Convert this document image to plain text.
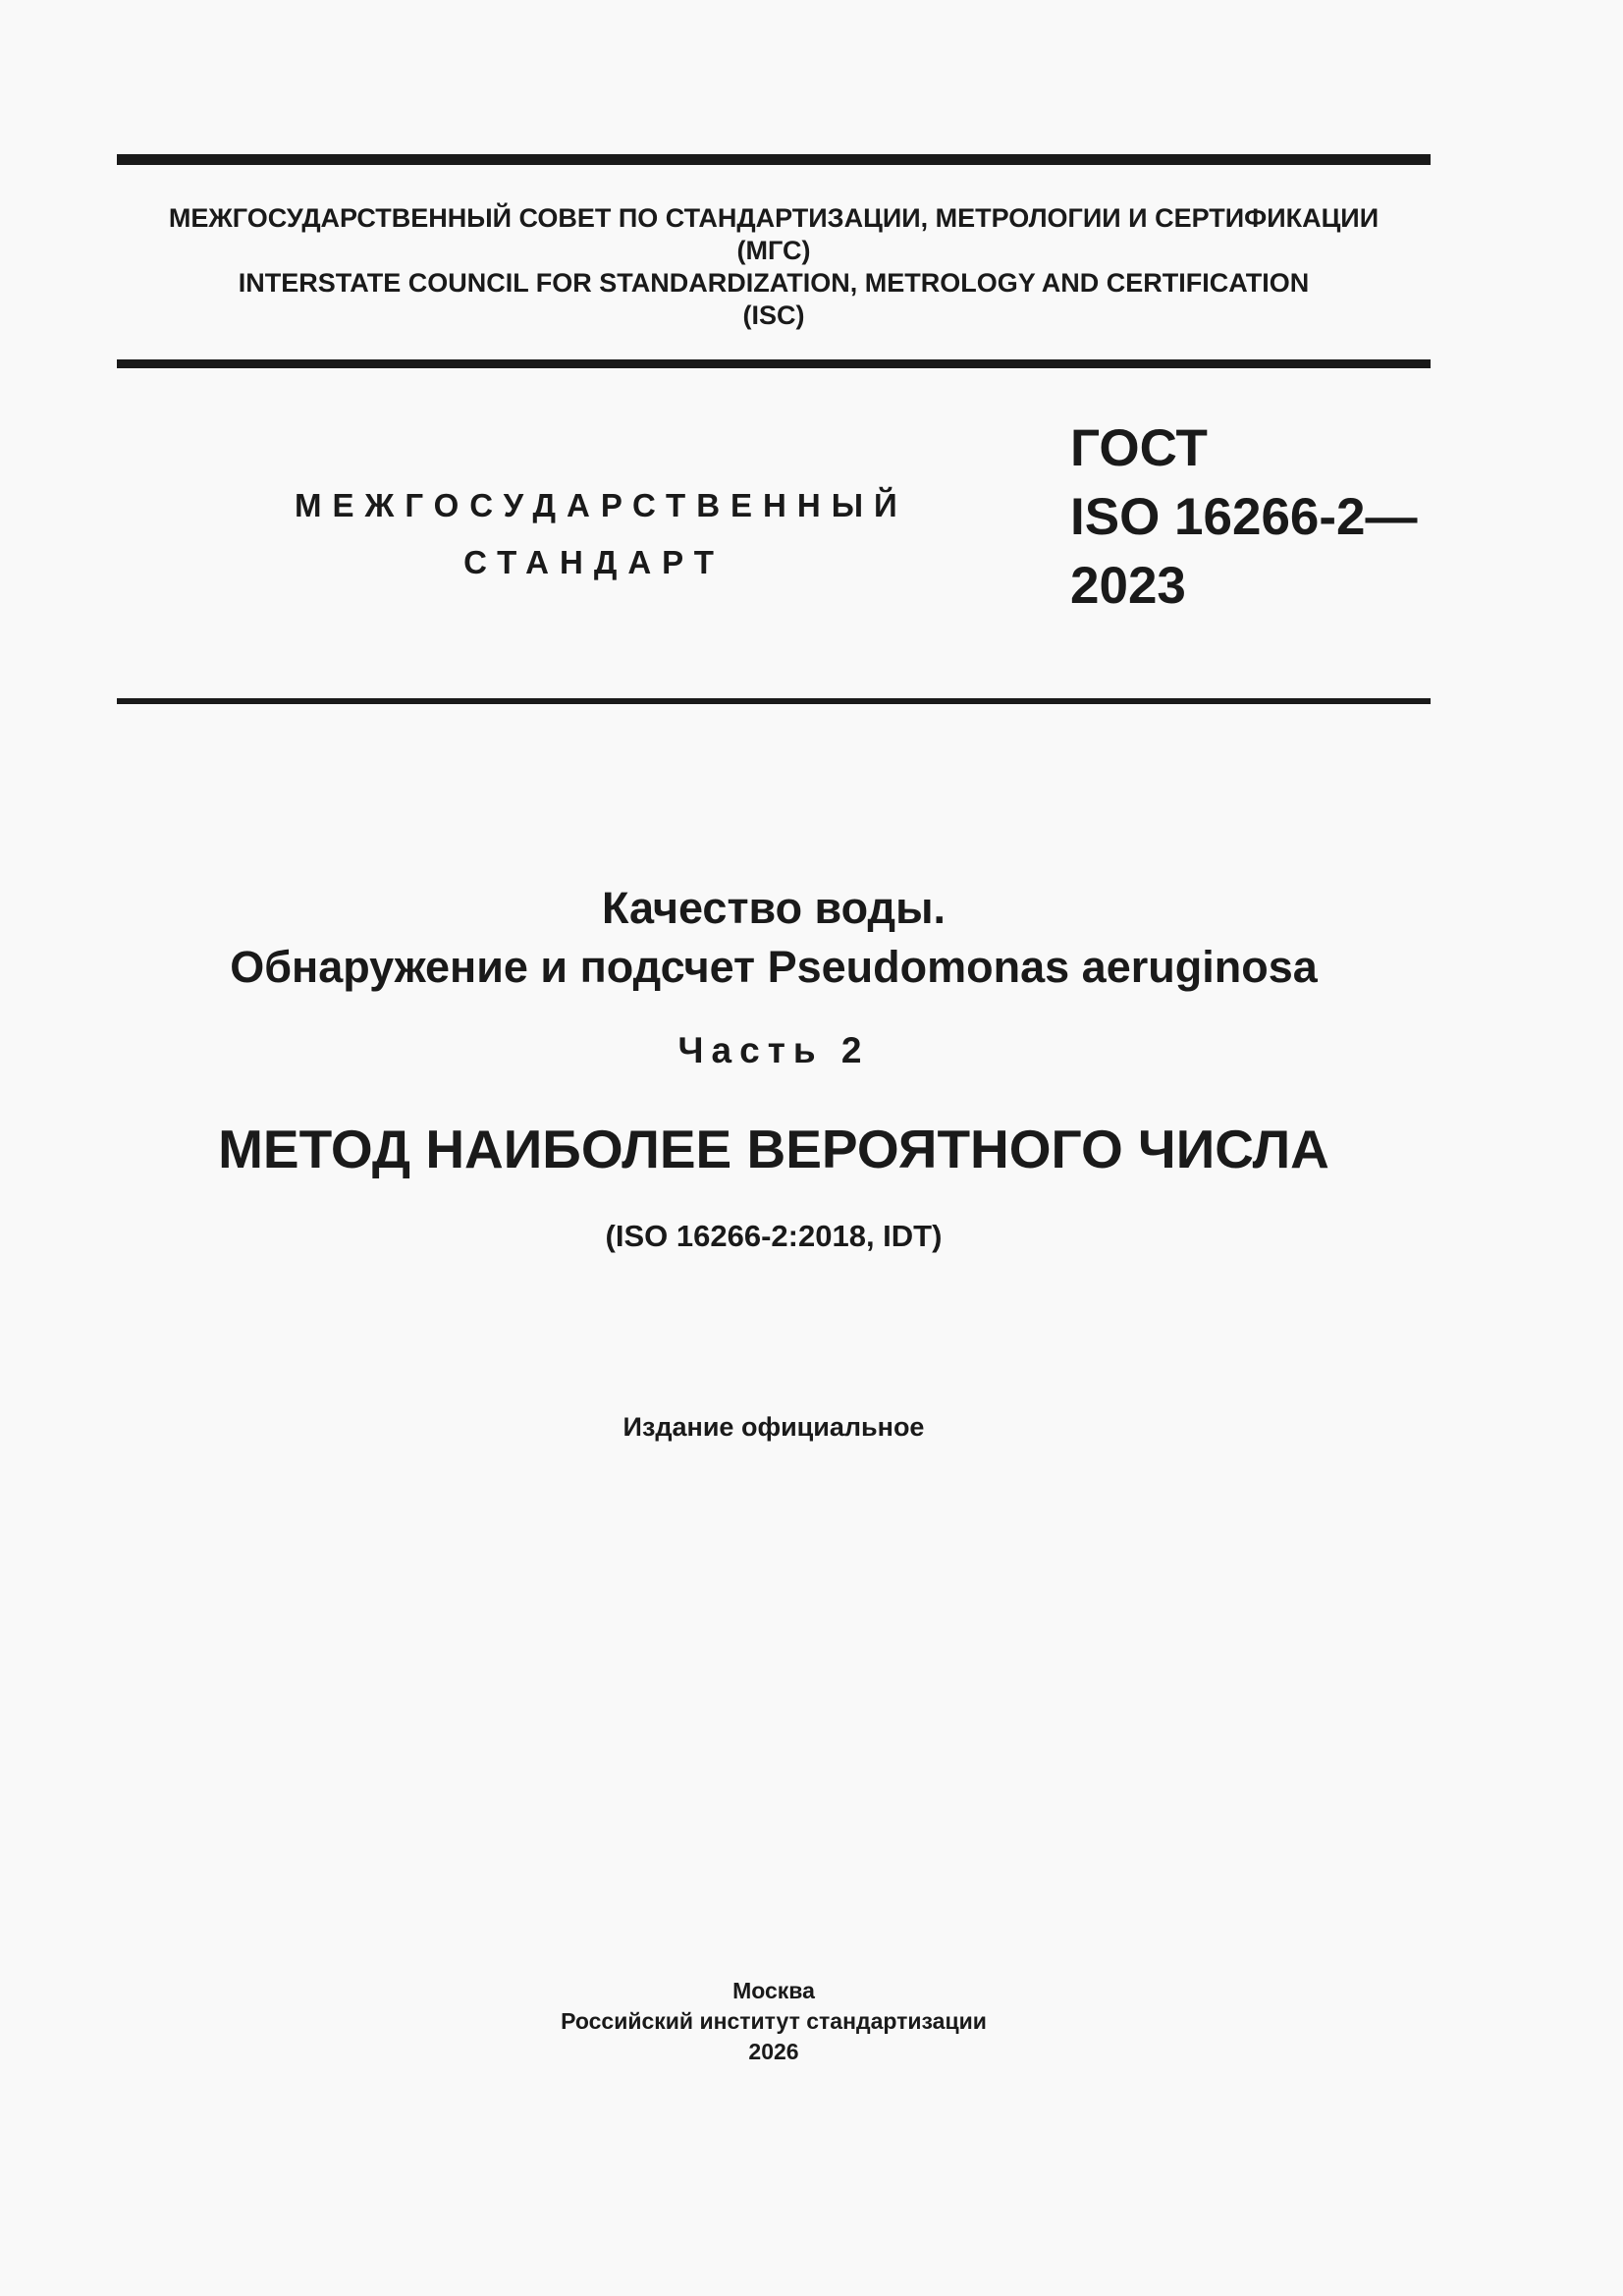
МЕЖГОСУДАРСТВЕННЫЙ СОВЕТ ПО СТАНДАРТИЗАЦИИ, МЕТРОЛОГИИ И СЕРТИФИКАЦИИ
(МГС)
INTERSTATE COUNCIL FOR STANDARDIZATION, METROLOGY AND CERTIFICATION
(ISC)
МЕЖГОСУДАРСТВЕННЫЙ
СТАНДАРТ
ГОСТ
ISO 16266-2—
2023
Качество воды.
Обнаружение и подсчет Pseudomonas aeruginosa
Часть 2
МЕТОД НАИБОЛЕЕ ВЕРОЯТНОГО ЧИСЛА
(ISO 16266-2:2018, IDT)
Издание официальное
Москва
Российский институт стандартизации
2026
